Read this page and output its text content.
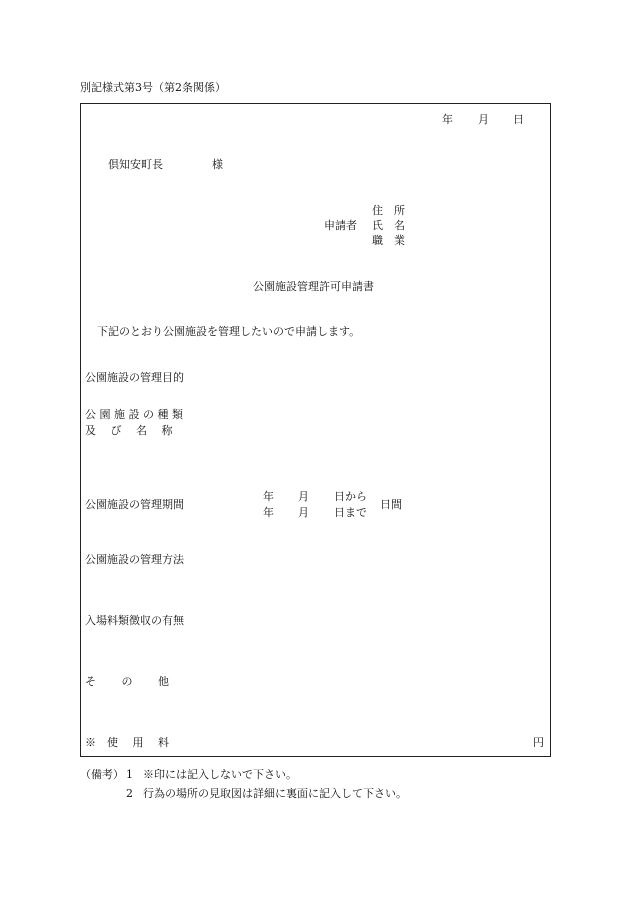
別記様式第3号（第2条関係）
年 月 日
倶知安町長	様
住　所
申請者 氏　名
職　業
公園施設管理許可申請書
下記のとおり公園施設を管理したいので申請します。
公園施設の管理目的
公 園 施 設 の 種 類
及　 び　 名　 称
公園施設の管理期間
年 月 日から
年 月 日まで
日間
公園施設の管理方法
入場料類徴収の有無
そ　　 の　　 他
※　使　 用　 料	円
（備考） 1 ※印には記入しないで下さい。
2 行為の場所の見取図は詳細に裏面に記入して下さい。
